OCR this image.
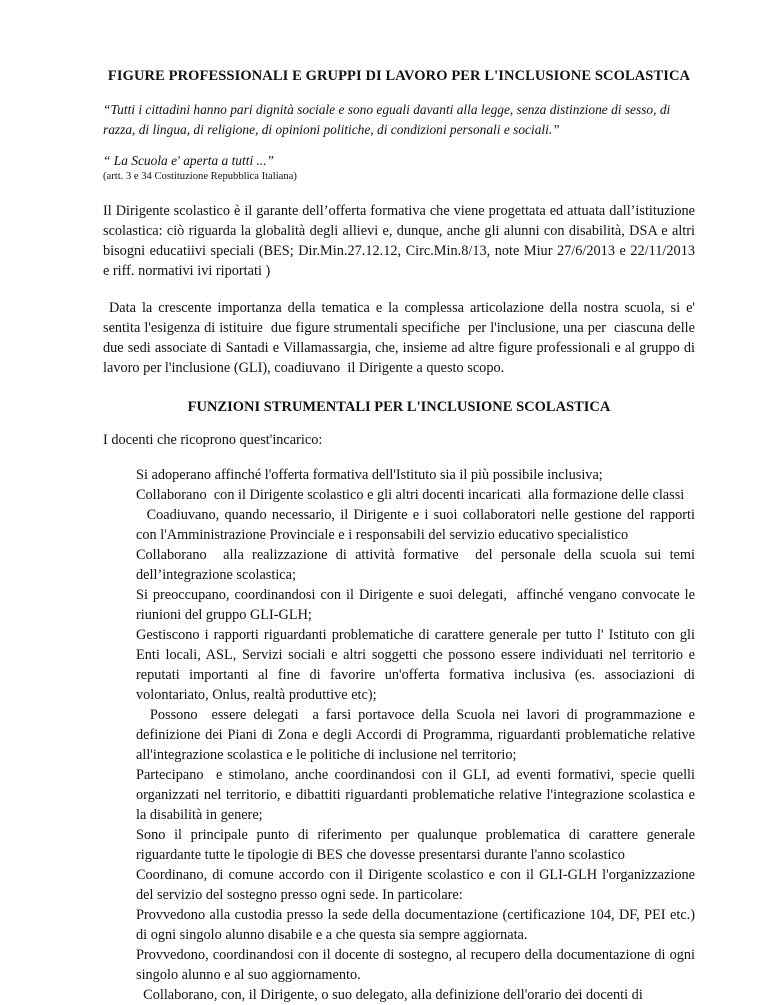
FIGURE PROFESSIONALI E GRUPPI DI LAVORO PER L'INCLUSIONE SCOLASTICA

“Tutti i cittadini hanno pari dignità sociale e sono eguali davanti alla legge, senza distinzione di sesso, di razza, di lingua, di religione, di opinioni politiche, di condizioni personali e sociali.”

“ La Scuola e' aperta a tutti ...”

(artt. 3 e 34 Costituzione Repubblica Italiana)

Il Dirigente scolastico è il garante dell’offerta formativa che viene progettata ed attuata dall’istituzione scolastica: ciò riguarda la globalità degli allievi e, dunque, anche gli alunni con disabilità, DSA e altri bisogni educatiivi speciali (BES; Dir.Min.27.12.12, Circ.Min.8/13, note Miur 27/6/2013 e 22/11/2013 e riff. normativi ivi riportati )

Data la crescente importanza della tematica e la complessa articolazione della nostra scuola, si e' sentita l'esigenza di istituire  due figure strumentali specifiche  per l'inclusione, una per  ciascuna delle due sedi associate di Santadi e Villamassargia, che, insieme ad altre figure professionali e al gruppo di lavoro per l'inclusione (GLI), coadiuvano  il Dirigente a questo scopo.

FUNZIONI STRUMENTALI PER L'INCLUSIONE SCOLASTICA

I docenti che ricoprono quest'incarico:

Si adoperano affinché l'offerta formativa dell'Istituto sia il più possibile inclusiva;

Collaborano  con il Dirigente scolastico e gli altri docenti incaricati  alla formazione delle classi

Coadiuvano, quando necessario, il Dirigente e i suoi collaboratori nelle gestione del rapporti con l'Amministrazione Provinciale e i responsabili del servizio educativo specialistico

Collaborano  alla realizzazione di attività formative  del personale della scuola sui temi dell’integrazione scolastica;

Si preoccupano, coordinandosi con il Dirigente e suoi delegati,  affinché vengano convocate le riunioni del gruppo GLI-GLH;

Gestiscono i rapporti riguardanti problematiche di carattere generale per tutto l' Istituto con gli Enti locali, ASL, Servizi sociali e altri soggetti che possono essere individuati nel territorio e reputati importanti al fine di favorire un'offerta formativa inclusiva (es. associazioni di volontariato, Onlus, realtà produttive etc);

Possono  essere delegati  a farsi portavoce della Scuola nei lavori di programmazione e definizione dei Piani di Zona e degli Accordi di Programma, riguardanti problematiche relative all'integrazione scolastica e le politiche di inclusione nel territorio;

Partecipano  e stimolano, anche coordinandosi con il GLI, ad eventi formativi, specie quelli organizzati nel territorio, e dibattiti riguardanti problematiche relative l'integrazione scolastica e la disabilità in genere;

Sono il principale punto di riferimento per qualunque problematica di carattere generale riguardante tutte le tipologie di BES che dovesse presentarsi durante l'anno scolastico

Coordinano, di comune accordo con il Dirigente scolastico e con il GLI-GLH l'organizzazione del servizio del sostegno presso ogni sede. In particolare:

Provvedono alla custodia presso la sede della documentazione (certificazione 104, DF, PEI etc.) di ogni singolo alunno disabile e a che questa sia sempre aggiornata.

Provvedono, coordinandosi con il docente di sostegno, al recupero della documentazione di ogni singolo alunno e al suo aggiornamento.

Collaborano, con, il Dirigente, o suo delegato, alla definizione dell'orario dei docenti di
